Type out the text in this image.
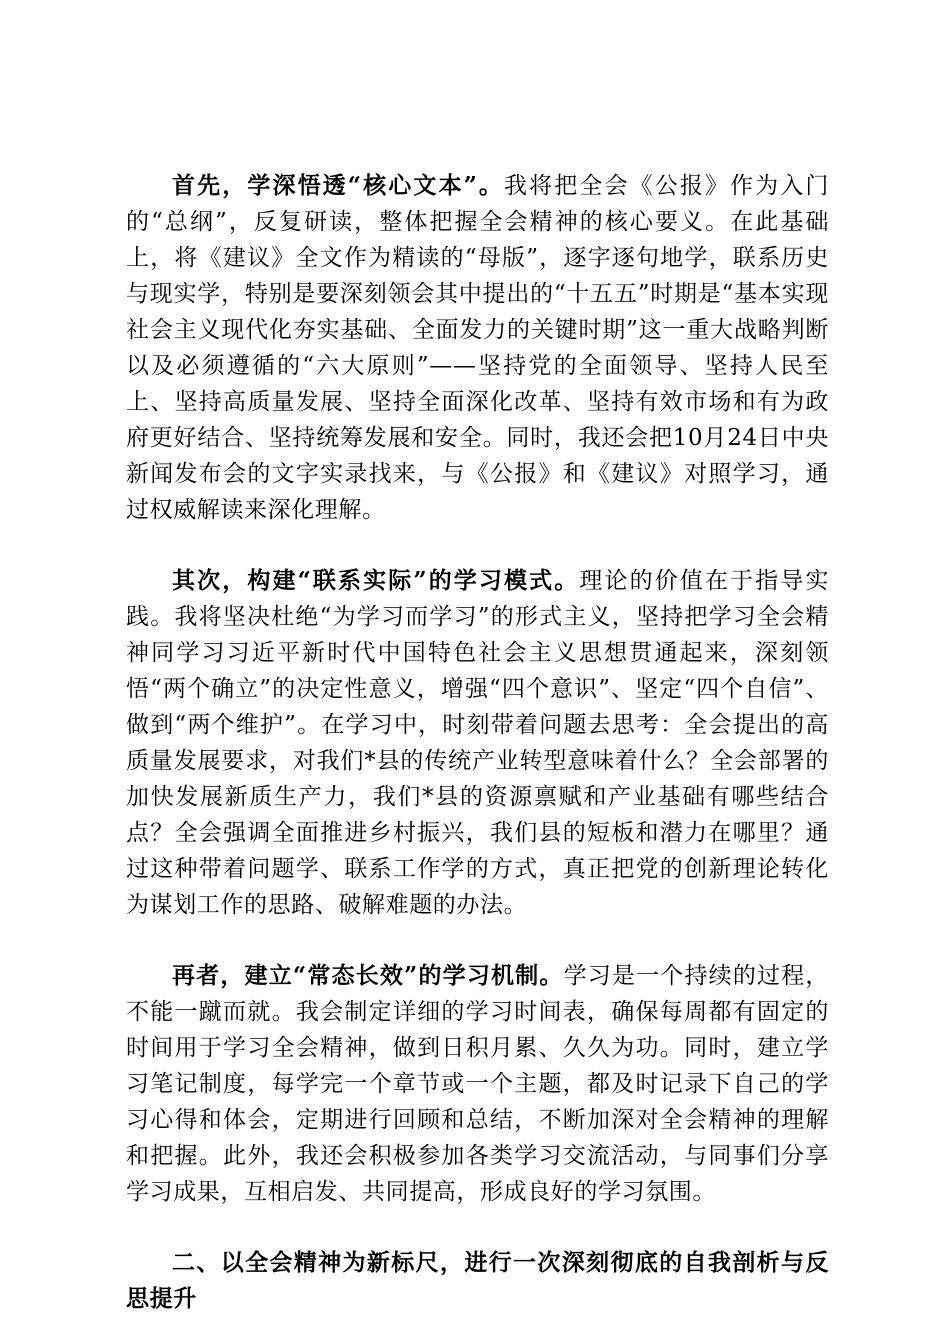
首先，学深悟透“核心文本”。我将把全会《公报》作为入门的“总纲”，反复研读，整体把握全会精神的核心要义。在此基础上，将《建议》全文作为精读的“母版”，逐字逐句地学，联系历史与现实学，特别是要深刻领会其中提出的“十五五”时期是“基本实现社会主义现代化夯实基础、全面发力的关键时期”这一重大战略判断以及必须遵循的“六大原则”——坚持党的全面领导、坚持人民至上、坚持高质量发展、坚持全面深化改革、坚持有效市场和有为政府更好结合、坚持统筹发展和安全。同时，我还会把10月24日中央新闻发布会的文字实录找来，与《公报》和《建议》对照学习，通过权威解读来深化理解。

其次，构建“联系实际”的学习模式。理论的价值在于指导实践。我将坚决杜绝“为学习而学习”的形式主义，坚持把学习全会精神同学习习近平新时代中国特色社会主义思想贯通起来，深刻领悟“两个确立”的决定性意义，增强“四个意识”、坚定“四个自信”、做到“两个维护”。在学习中，时刻带着问题去思考：全会提出的高质量发展要求，对我们*县的传统产业转型意味着什么？全会部署的加快发展新质生产力，我们*县的资源禀赋和产业基础有哪些结合点？全会强调全面推进乡村振兴，我们县的短板和潜力在哪里？通过这种带着问题学、联系工作学的方式，真正把党的创新理论转化为谋划工作的思路、破解难题的办法。

再者，建立“常态长效”的学习机制。学习是一个持续的过程，不能一蹴而就。我会制定详细的学习时间表，确保每周都有固定的时间用于学习全会精神，做到日积月累、久久为功。同时，建立学习笔记制度，每学完一个章节或一个主题，都及时记录下自己的学习心得和体会，定期进行回顾和总结，不断加深对全会精神的理解和把握。此外，我还会积极参加各类学习交流活动，与同事们分享学习成果，互相启发、共同提高，形成良好的学习氛围。

二、以全会精神为新标尺，进行一次深刻彻底的自我剖析与反思提升
